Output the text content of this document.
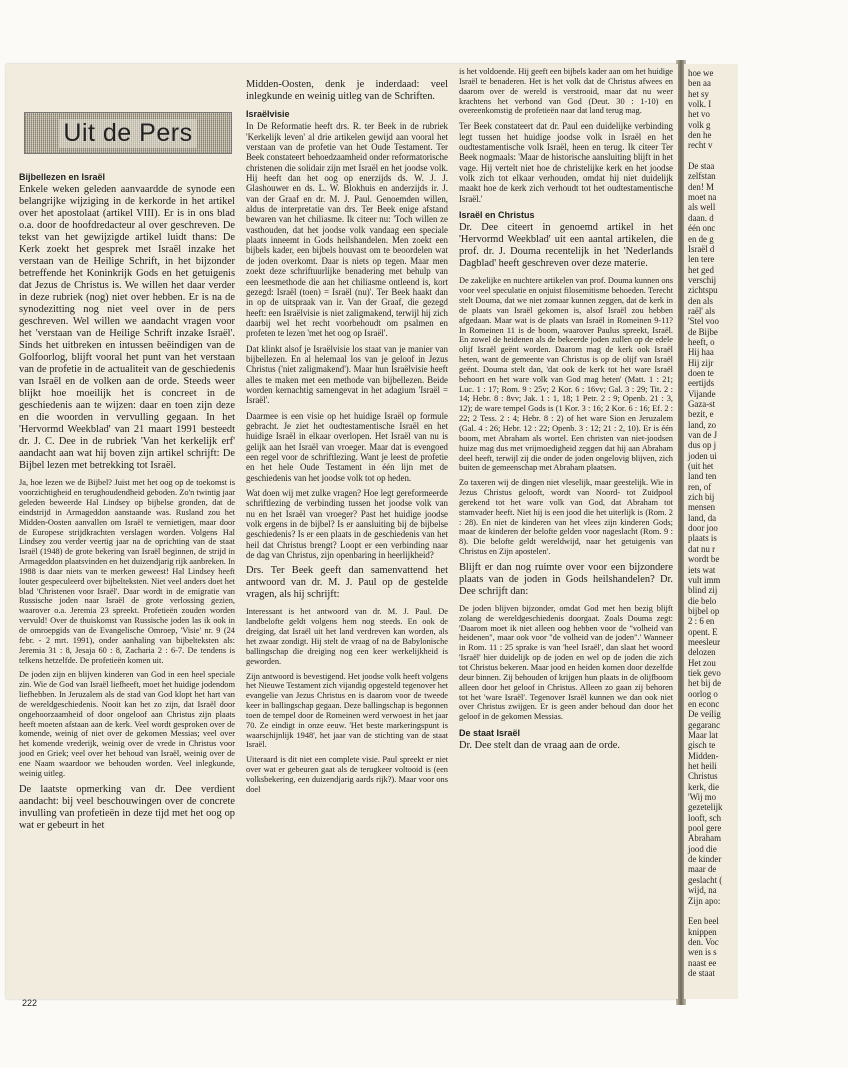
Uit de Pers
Bijbellezen en Israël

Enkele weken geleden aanvaardde de synode een belangrijke wijziging in de kerkorde in het artikel over het apostolaat (artikel VIII). Er is in ons blad o.a. door de hoofdredacteur al over geschreven. De tekst van het gewijzigde artikel luidt thans: De Kerk zoekt het gesprek met Israël inzake het verstaan van de Heilige Schrift, in het bijzonder betreffende het Koninkrijk Gods en het getuigenis dat Jezus de Christus is. We willen het daar verder in deze rubriek (nog) niet over hebben. Er is na de synodezitting nog niet veel over in de pers geschreven. Wel willen we aandacht vragen voor het 'verstaan van de Heilige Schrift inzake Israël'. Sinds het uitbreken en intussen beëindigen van de Golfoorlog, blijft vooral het punt van het verstaan van de profetie in de actualiteit van de geschiedenis van Israël en de volken aan de orde. Steeds weer blijkt hoe moeilijk het is concreet in de geschiedenis aan te wijzen: daar en toen zijn deze en die woorden in vervulling gegaan. In het 'Hervormd Weekblad' van 21 maart 1991 besteedt dr. J. C. Dee in de rubriek 'Van het kerkelijk erf' aandacht aan wat hij boven zijn artikel schrijft: De Bijbel lezen met betrekking tot Israël.

Ja, hoe lezen we de Bijbel? Juist met het oog op de toekomst is voorzichtigheid en terughoudendheid geboden. Zo'n twintig jaar geleden beweerde Hal Lindsey op bijbelse gronden, dat de eindstrijd in Armageddon aanstaande was. Rusland zou het Midden-Oosten aanvallen om Israël te vernietigen, maar door de Europese strijdkrachten verslagen worden. Volgens Hal Lindsey zou verder veertig jaar na de oprichting van de staat Israël (1948) de grote bekering van Israël beginnen, de strijd in Armageddon plaatsvinden en het duizendjarig rijk aanbreken. In 1988 is daar niets van te merken geweest! Hal Lindsey heeft louter gespeculeerd over bijbelteksten. Niet veel anders doet het blad 'Christenen voor Israël'. Daar wordt in de emigratie van Russische joden naar Israël de grote verlossing gezien, waarover o.a. Jeremia 23 spreekt. Profetieën zouden worden vervuld! Over de thuiskomst van Russische joden las ik ook in de omroepgids van de Evangelische Omroep, 'Visie' nr. 9 (24 febr. - 2 mrt. 1991), onder aanhaling van bijbelteksten als: Jeremia 31 : 8, Jesaja 60 : 8, Zacharia 2 : 6-7. De tendens is telkens hetzelfde. De profetieën komen uit.

De joden zijn en blijven kinderen van God in een heel speciale zin. Wie de God van Israël liefheeft, moet het huidige jodendom liefhebben. In Jeruzalem als de stad van God klopt het hart van de wereldgeschiedenis. Nooit kan het zo zijn, dat Israël door ongehoorzaamheid of door ongeloof aan Christus zijn plaats heeft moeten afstaan aan de kerk. Veel wordt gesproken over de komende, weinig of niet over de gekomen Messias; veel over het komende vrederijk, weinig over de vrede in Christus voor jood en Griek; veel over het behoud van Israël, weinig over de ene Naam waardoor we behouden worden. Veel inlegkunde, weinig uitleg.

De laatste opmerking van dr. Dee verdient aandacht: bij veel beschouwingen over de concrete invulling van profetieën in deze tijd met het oog op wat er gebeurt in het

Midden-Oosten, denk je inderdaad: veel inlegkunde en weinig uitleg van de Schriften.

Israëlvisie

In De Reformatie heeft drs. R. ter Beek in de rubriek 'Kerkelijk leven' al drie artikelen gewijd aan vooral het verstaan van de profetie van het Oude Testament. Ter Beek constateert behoedzaamheid onder reformatorische christenen die solidair zijn met Israël en het joodse volk. Hij heeft dan het oog op enerzijds ds. W. J. J. Glashouwer en ds. L. W. Blokhuis en anderzijds ir. J. van der Graaf en dr. M. J. Paul. Genoemden willen, aldus de interpretatie van drs. Ter Beek enige afstand bewaren van het chiliasme. Ik citeer nu: 'Toch willen ze vasthouden, dat het joodse volk vandaag een speciale plaats inneemt in Gods heilshandelen. Men zoekt een bijbels kader, een bijbels houvast om te beoordelen wat de joden overkomt. Daar is niets op tegen. Maar men zoekt deze schriftuurlijke benadering met behulp van een leesmethode die aan het chiliasme ontleend is, kort gezegd: Israël (toen) = Israël (nu)'. Ter Beek haakt dan in op de uitspraak van ir. Van der Graaf, die gezegd heeft: een Israëlvisie is niet zaligmakend, terwijl hij zich daarbij wel het recht voorbehoudt om psalmen en profeten te lezen 'met het oog op Israël'.

Dat klinkt alsof je Israëlvisie los staat van je manier van bijbellezen. En al helemaal los van je geloof in Jezus Christus ('niet zaligmakend'). Maar hun Israëlvisie heeft alles te maken met een methode van bijbellezen. Beide worden kernachtig samengevat in het adagium 'Israël = Israël'.

Daarmee is een visie op het huidige Israël op formule gebracht. Je ziet het oudtestamentische Israël en het huidige Israël in elkaar overlopen. Het Israël van nu is gelijk aan het Israël van vroeger. Maar dat is evengoed een regel voor de schriftlezing. Want je leest de profetie en het hele Oude Testament in één lijn met de geschiedenis van het joodse volk tot op heden.

Wat doen wij met zulke vragen? Hoe legt gereformeerde schriftlezing de verbinding tussen het joodse volk van nu en het Israël van vroeger? Past het huidige joodse volk ergens in de bijbel? Is er aansluiting bij de bijbelse geschiedenis? Is er een plaats in de geschiedenis van het heil dat Christus brengt? Loopt er een verbinding naar de dag van Christus, zijn openbaring in heerlijkheid?

Drs. Ter Beek geeft dan samenvattend het antwoord van dr. M. J. Paul op de gestelde vragen, als hij schrijft:

Interessant is het antwoord van dr. M. J. Paul. De landbelofte geldt volgens hem nog steeds. En ook de dreiging, dat Israël uit het land verdreven kan worden, als het zwaar zondigt. Hij stelt de vraag of na de Babylonische ballingschap die dreiging nog een keer werkelijkheid is geworden.

Zijn antwoord is bevestigend. Het joodse volk heeft volgens het Nieuwe Testament zich vijandig opgesteld tegenover het evangelie van Jezus Christus en is daarom voor de tweede keer in ballingschap gegaan. Deze ballingschap is begonnen toen de tempel door de Romeinen werd verwoest in het jaar 70. Ze eindigt in onze eeuw. 'Het beste markeringspunt is waarschijnlijk 1948', het jaar van de stichting van de staat Israël.

Uiteraard is dit niet een complete visie. Paul spreekt er niet over wat er gebeuren gaat als de terugkeer voltooid is (een volksbekering, een duizendjarig aards rijk?). Maar voor ons doel

is het voldoende. Hij geeft een bijbels kader aan om het huidige Israël te benaderen. Het is het volk dat de Christus afwees en daarom over de wereld is verstrooid, maar dat nu weer krachtens het verbond van God (Deut. 30 : 1-10) en overeenkomstig de profetieën naar dat land terug mag.

Ter Beek constateert dat dr. Paul een duidelijke verbinding legt tussen het huidige joodse volk in Israël en het oudtestamentische volk Israël, heen en terug. Ik citeer Ter Beek nogmaals: 'Maar de historische aansluiting blijft in het vage. Hij vertelt niet hoe de christelijke kerk en het joodse volk zich tot elkaar verhouden, omdat hij niet duidelijk maakt hoe de kerk zich verhoudt tot het oudtestamentische Israël.'

Israël en Christus

Dr. Dee citeert in genoemd artikel in het 'Hervormd Weekblad' uit een aantal artikelen, die prof. dr. J. Douma recentelijk in het 'Nederlands Dagblad' heeft geschreven over deze materie.

De zakelijke en nuchtere artikelen van prof. Douma kunnen ons voor veel speculatie en onjuist filosemitisme behoeden. Terecht stelt Douma, dat we niet zomaar kunnen zeggen, dat de kerk in de plaats van Israël gekomen is, alsof Israël zou hebben afgedaan. Maar wat is de plaats van Israël in Romeinen 9-11? In Romeinen 11 is de boom, waarover Paulus spreekt, Israël. En zowel de heidenen als de bekeerde joden zullen op de edele olijf Israël geënt worden. Daarom mag de kerk ook Israël heten, want de gemeente van Christus is op de olijf van Israël geënt. Douma stelt dan, 'dat ook de kerk tot het ware Israël behoort en het ware volk van God mag heten' (Matt. 1 : 21; Luc. 1 : 17; Rom. 9 : 25v; 2 Kor. 6 : 16vv; Gal. 3 : 29; Tit. 2 : 14; Hebr. 8 : 8vv; Jak. 1 : 1, 18; 1 Petr. 2 : 9; Openb. 21 : 3, 12); de ware tempel Gods is (1 Kor. 3 : 16; 2 Kor. 6 : 16; Ef. 2 : 22; 2 Tess. 2 : 4; Hebr. 8 : 2) of het ware Sion en Jeruzalem (Gal. 4 : 26; Hebr. 12 : 22; Openb. 3 : 12; 21 : 2, 10). Er is één boom, met Abraham als wortel. Een christen van niet-joodsen huize mag dus met vrijmoedigheid zeggen dat hij aan Abraham deel heeft, terwijl zij die onder de joden ongelovig blijven, zich buiten de gemeenschap met Abraham plaatsen.

Zo taxeren wij de dingen niet vleselijk, maar geestelijk. Wie in Jezus Christus gelooft, wordt van Noord- tot Zuidpool gerekend tot het ware volk van God, dat Abraham tot stamvader heeft. Niet hij is een jood die het uiterlijk is (Rom. 2 : 28). En niet de kinderen van het vlees zijn kinderen Gods; maar de kinderen der belofte gelden voor nageslacht (Rom. 9 : 8). Die belofte geldt wereldwijd, naar het getuigenis van Christus en Zijn apostelen'.

Blijft er dan nog ruimte over voor een bijzondere plaats van de joden in Gods heilshandelen? Dr. Dee schrijft dan:

De joden blijven bijzonder, omdat God met hen bezig blijft zolang de wereldgeschiedenis doorgaat. Zoals Douma zegt: 'Daarom moet ik niet alleen oog hebben voor de "volheid van heidenen", maar ook voor "de volheid van de joden".' Wanneer in Rom. 11 : 25 sprake is van 'heel Israël', dan slaat het woord 'Israël' hier duidelijk op de joden en wel op de joden die zich tot Christus bekeren. Maar jood en heiden komen door dezelfde deur binnen. Zij behouden of krijgen hun plaats in de olijfboom alleen door het geloof in Christus. Alleen zo gaan zij behoren tot het 'ware Israël'. Tegenover Israël kunnen we dan ook niet over Christus zwijgen. Er is geen ander behoud dan door het geloof in de gekomen Messias.

De staat Israël

Dr. Dee stelt dan de vraag aan de orde.

222
hoe we
ben aa
het sy
volk. I
het vo
volk g
den he
recht v
De staa
zelfstan
den! M
moet na
als well
daan. d
één onc
en de g
Israël d
len tere
het ged
verschij
zichtspu
den als
raël' als
'Stel voo
de Bijbe
heeft, o
Hij haa
Hij zijr
doen te
eertijds
Vijande
Gaza-st
bezit, e
land, zo
van de J
dus op j
joden ui
(uit het
land ten
ren, of
zich bij
mensen
land, da
door joo
plaats is
dat nu r
wordt be
iets wat
vult imm
blind zij
die belo
bijbel op
2 : 6 en
opent. E
meesleur
delozen
Het zou
tiek gevo
het bij de
oorlog o
en econc
De veilig
gegaranc
Maar lat
gisch te
Midden-
het heili
Christus
kerk, die
'Wij mo
gezetelijk
looft, sch
pool gere
Abraham
jood die
de kinder
maar de
geslacht (
wijd, na
Zijn apo:
Een beel
knippen
den. Voc
wen is s
naast ee
de staat
